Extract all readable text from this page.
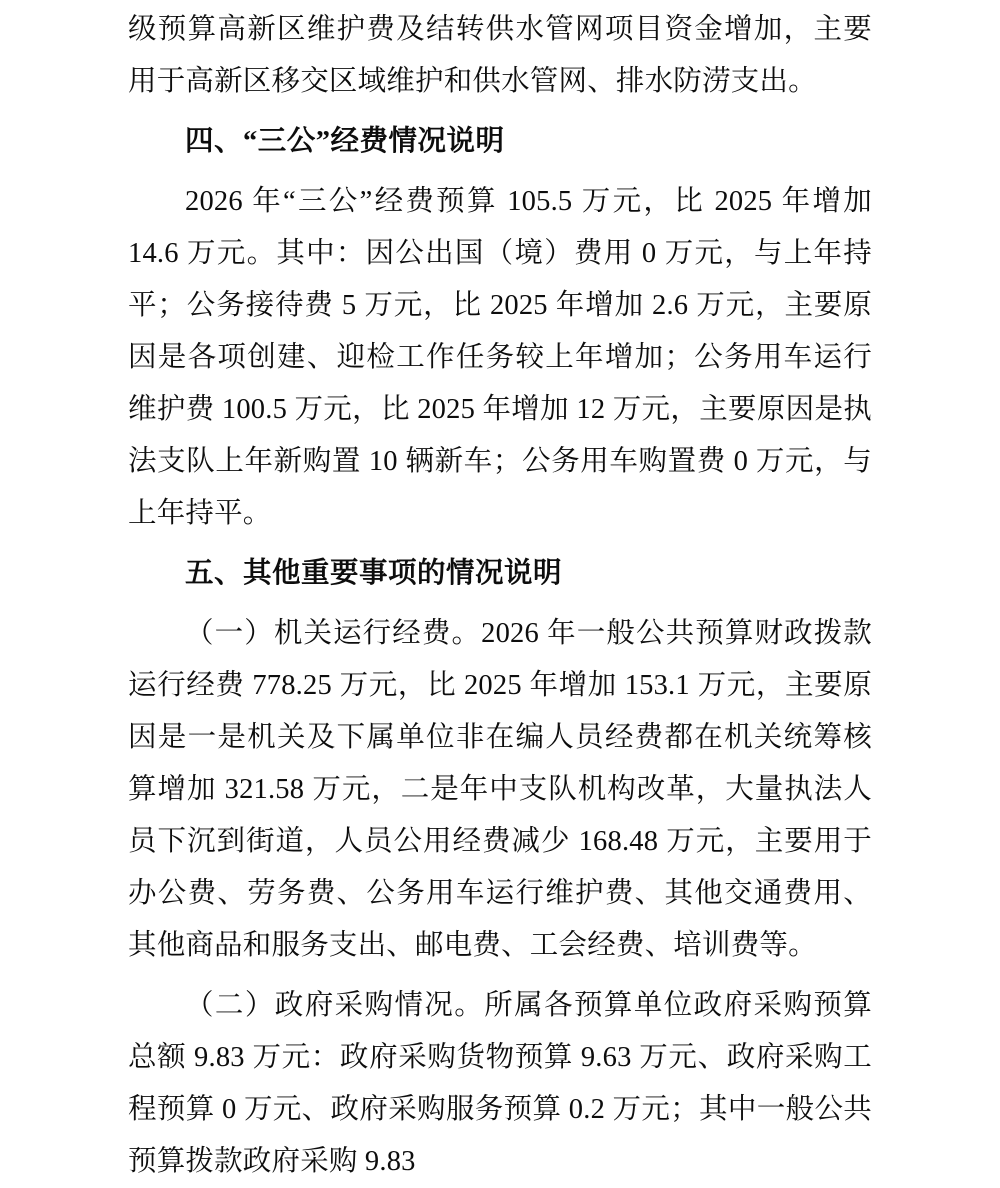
级预算高新区维护费及结转供水管网项目资金增加，主要用于高新区移交区域维护和供水管网、排水防涝支出。

四、“三公”经费情况说明

2026 年“三公”经费预算 105.5 万元，比 2025 年增加 14.6 万元。其中：因公出国（境）费用 0 万元，与上年持平；公务接待费 5 万元，比 2025 年增加 2.6 万元，主要原因是各项创建、迎检工作任务较上年增加；公务用车运行维护费 100.5 万元，比 2025 年增加 12 万元，主要原因是执法支队上年新购置 10 辆新车；公务用车购置费 0 万元，与上年持平。

五、其他重要事项的情况说明

（一）机关运行经费。2026 年一般公共预算财政拨款运行经费 778.25 万元，比 2025 年增加 153.1 万元，主要原因是一是机关及下属单位非在编人员经费都在机关统筹核算增加 321.58 万元，二是年中支队机构改革，大量执法人员下沉到街道，人员公用经费减少 168.48 万元，主要用于办公费、劳务费、公务用车运行维护费、其他交通费用、其他商品和服务支出、邮电费、工会经费、培训费等。

（二）政府采购情况。所属各预算单位政府采购预算总额 9.83 万元：政府采购货物预算 9.63 万元、政府采购工程预算 0 万元、政府采购服务预算 0.2 万元；其中一般公共预算拨款政府采购 9.83
